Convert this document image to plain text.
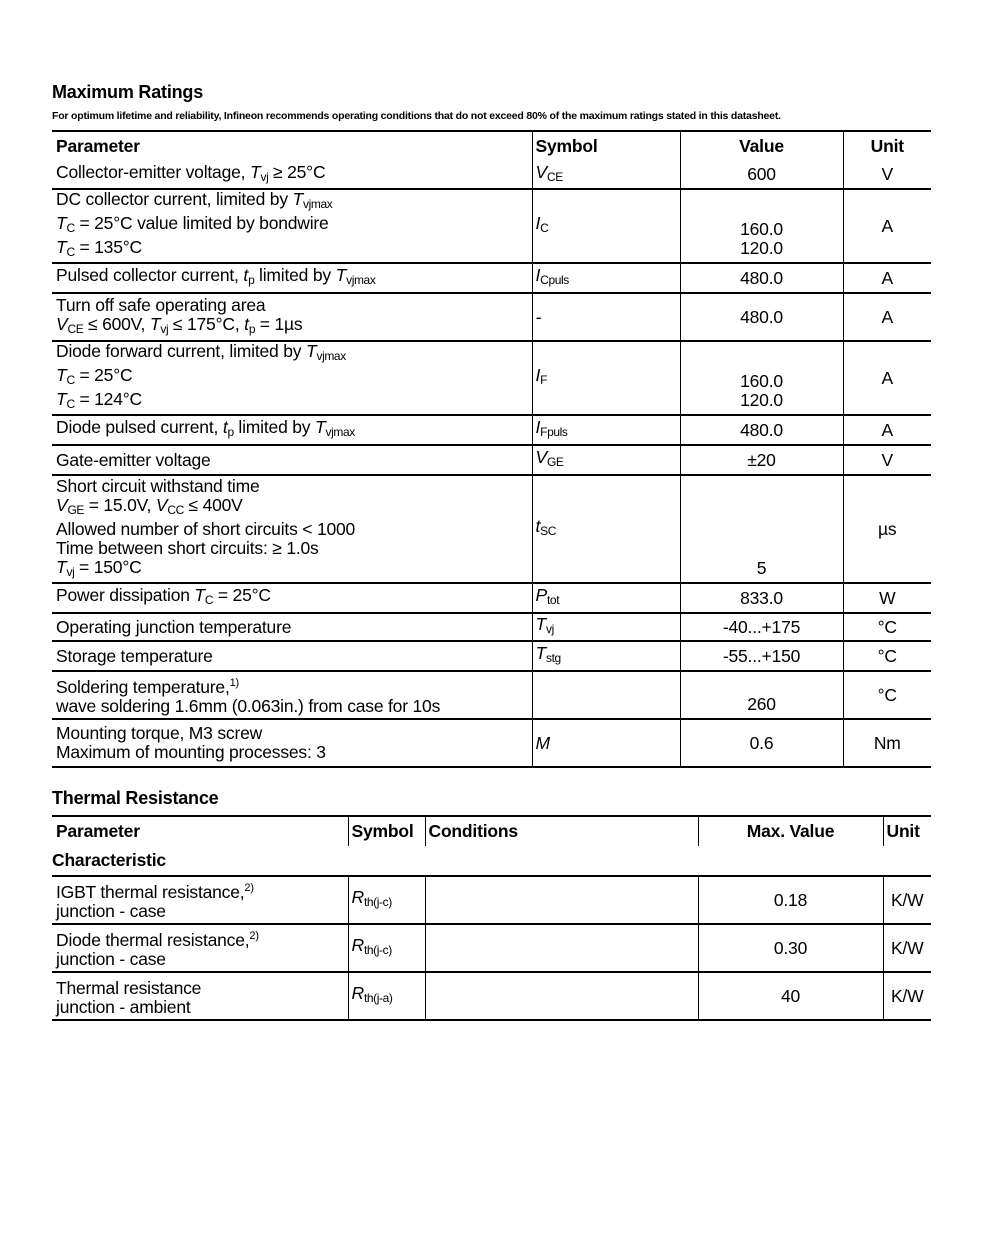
Maximum Ratings
For optimum lifetime and reliability, Infineon recommends operating conditions that do not exceed 80% of the maximum ratings stated in this datasheet.
Parameter	Symbol	Value	Unit

Collector-emitter voltage, $T_{vj} \ge 25^\circ C$	$V_{CE}$	600	V

DC collector current, limited by $T_{vjmax}$
$T_C = 25^\circ C$ value limited by bondwire
$T_C = 135^\circ C$	$I_C$	160.0
120.0	A

Pulsed collector current, $t_p$ limited by $T_{vjmax}$	$I_{Cpuls}$	480.0	A

Turn off safe operating area
$V_{CE} \le 600V$, $T_{vj} \le 175^\circ C$, $t_p = 1\mu s$	-	480.0	A

Diode forward current, limited by $T_{vjmax}$
$T_C = 25^\circ C$
$T_C = 124^\circ C$	$I_F$	160.0
120.0	A

Diode pulsed current, $t_p$ limited by $T_{vjmax}$	$I_{Fpuls}$	480.0	A

Gate-emitter voltage	$V_{GE}$	±20	V

Short circuit withstand time
$V_{GE} = 15.0V$, $V_{CC} \le 400V$
Allowed number of short circuits < 1000
Time between short circuits: ≥ 1.0s
$T_{vj} = 150^\circ C$	$t_{SC}$	5	µs

Power dissipation $T_C = 25^\circ C$	$P_{tot}$	833.0	W

Operating junction temperature	$T_{vj}$	-40...+175	°C

Storage temperature	$T_{stg}$	-55...+150	°C

Soldering temperature,$^{1)}$
wave soldering 1.6mm (0.063in.) from case for 10s		260	°C

Mounting torque, M3 screw
Maximum of mounting processes: 3	M	0.6	Nm
Thermal Resistance
Parameter	Symbol	Conditions	Max. Value	Unit
Characteristic				

IGBT thermal resistance,$^{2)}$
junction - case	$R_{th(j-c)}$		0.18	K/W

Diode thermal resistance,$^{2)}$
junction - case	$R_{th(j-c)}$		0.30	K/W

Thermal resistance
junction - ambient	$R_{th(j-a)}$		40	K/W
